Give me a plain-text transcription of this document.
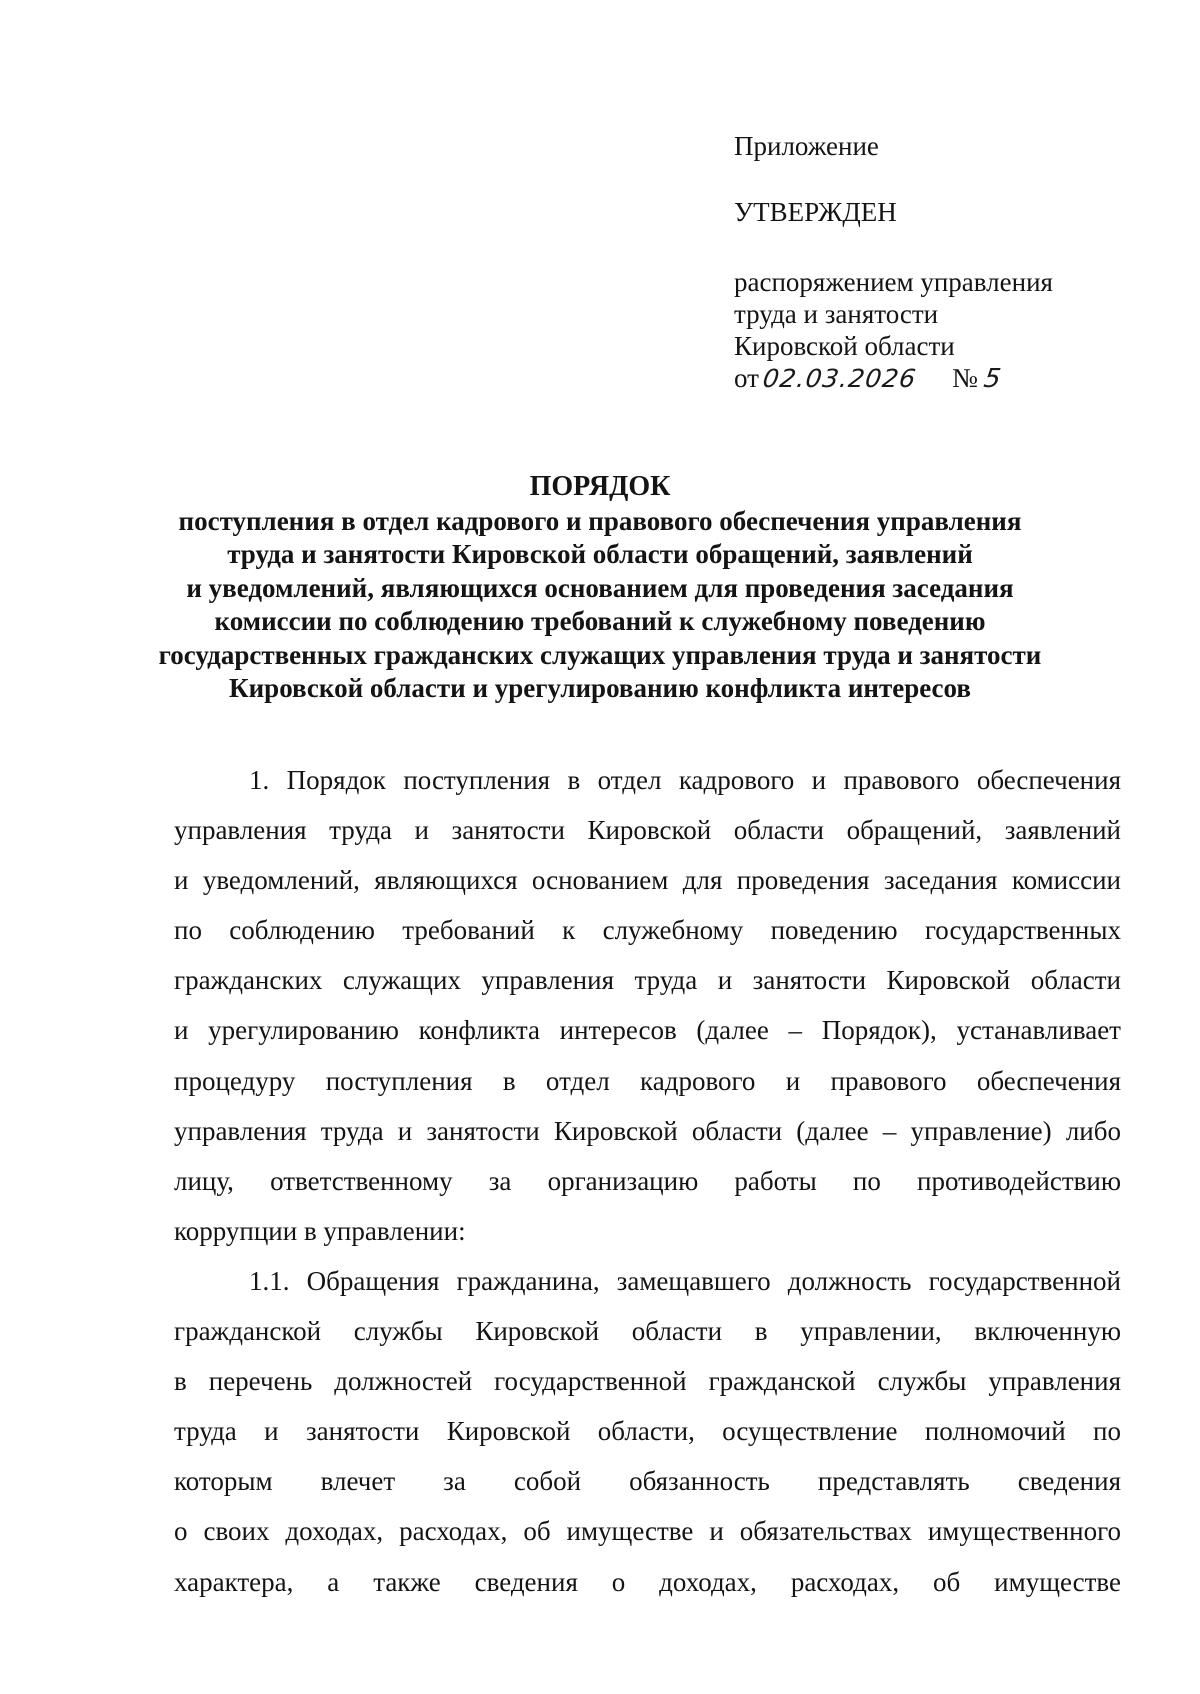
Приложение
УТВЕРЖДЕН
распоряжением управления
труда и занятости
Кировской области
от02.03.2026 № 5
ПОРЯДОК
поступления в отдел кадрового и правового обеспечения управления
труда и занятости Кировской области обращений, заявлений
и уведомлений, являющихся основанием для проведения заседания
комиссии по соблюдению требований к служебному поведению
государственных гражданских служащих управления труда и занятости
Кировской области и урегулированию конфликта интересов
1. Порядок поступления в отдел кадрового и правового обеспечения
управления труда и занятости Кировской области обращений, заявлений
и уведомлений, являющихся основанием для проведения заседания комиссии
по соблюдению требований к служебному поведению государственных
гражданских служащих управления труда и занятости Кировской области
и урегулированию конфликта интересов (далее – Порядок), устанавливает
процедуру поступления в отдел кадрового и правового обеспечения
управления труда и занятости Кировской области (далее – управление) либо
лицу, ответственному за организацию работы по противодействию
коррупции в управлении:
1.1. Обращения гражданина, замещавшего должность государственной
гражданской службы Кировской области в управлении, включенную
в перечень должностей государственной гражданской службы управления
труда и занятости Кировской области, осуществление полномочий по
которым влечет за собой обязанность представлять сведения
о своих доходах, расходах, об имуществе и обязательствах имущественного
характера, а также сведения о доходах, расходах, об имуществе
